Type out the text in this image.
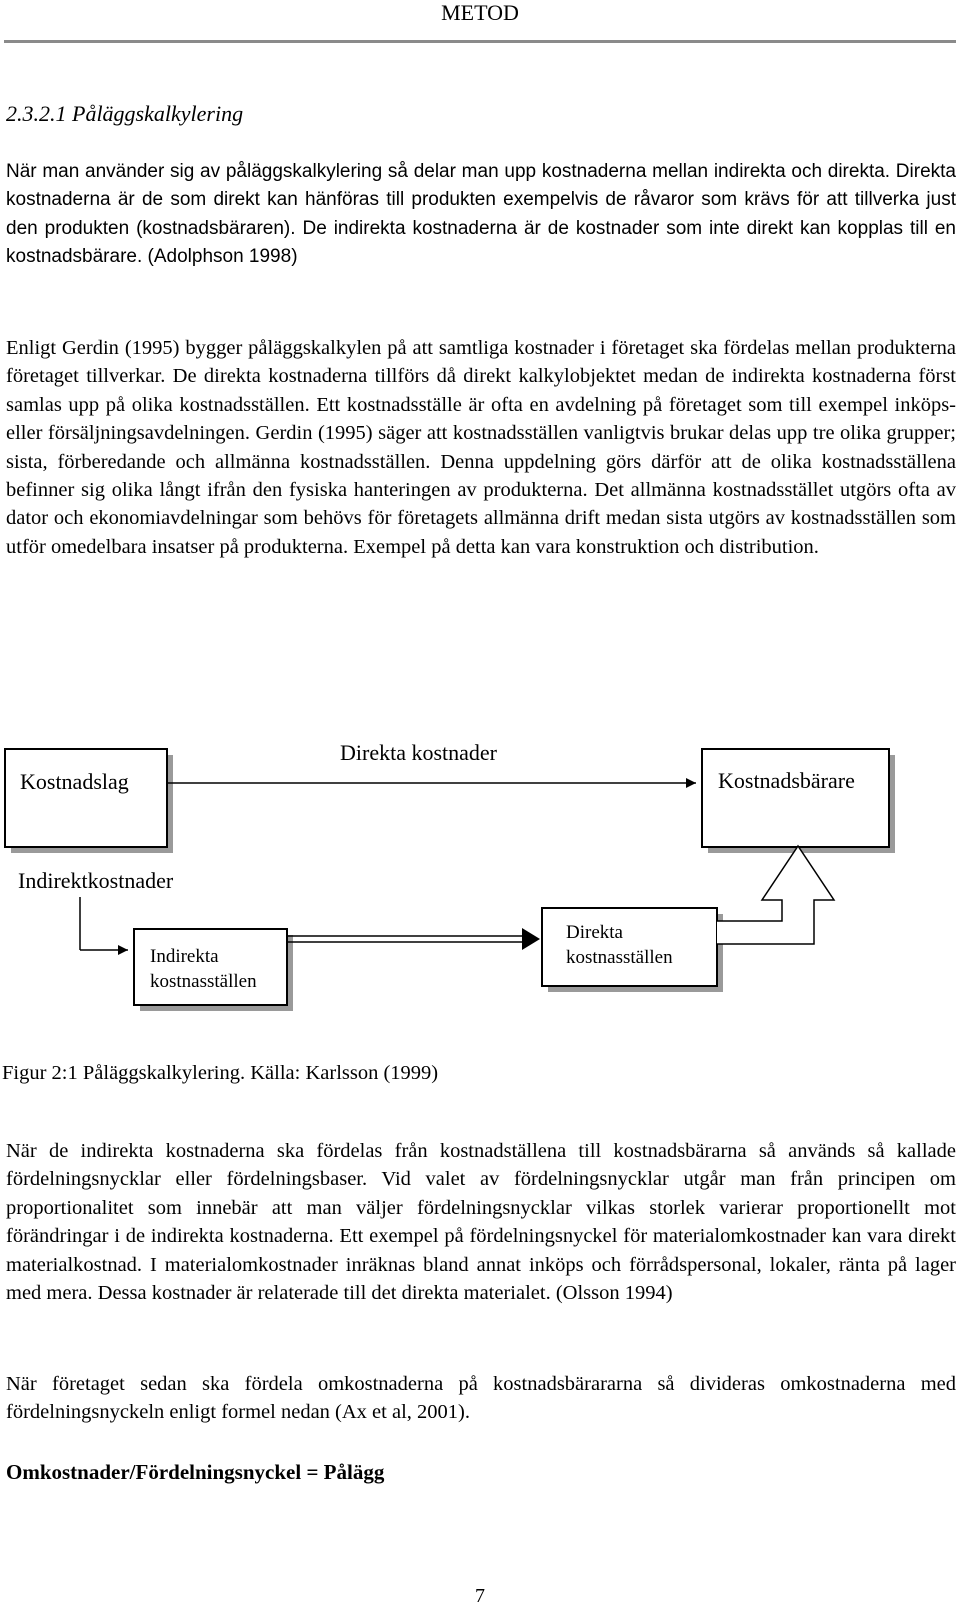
METOD
2.3.2.1 Påläggskalkylering
När man använder sig av påläggskalkylering så delar man upp kostnaderna mellan indirekta och direkta. Direkta kostnaderna är de som direkt kan hänföras till produkten exempelvis de råvaror som krävs för att tillverka just den produkten (kostnadsbäraren). De indirekta kostnaderna är de kostnader som inte direkt kan kopplas till en kostnadsbärare. (Adolphson 1998)
Enligt Gerdin (1995) bygger påläggskalkylen på att samtliga kostnader i företaget ska fördelas mellan produkterna företaget tillverkar. De direkta kostnaderna tillförs då direkt kalkylobjektet medan de indirekta kostnaderna först samlas upp på olika kostnadsställen. Ett kostnadsställe är ofta en avdelning på företaget som till exempel inköps- eller försäljningsavdelningen. Gerdin (1995) säger att kostnadsställen vanligtvis brukar delas upp tre olika grupper; sista, förberedande och allmänna kostnadsställen. Denna uppdelning görs därför att de olika kostnadsställena befinner sig olika långt ifrån den fysiska hanteringen av produkterna. Det allmänna kostnadsstället utgörs ofta av dator och ekonomiavdelningar som behövs för företagets allmänna drift medan sista utgörs av kostnadsställen som utför omedelbara insatser på produkterna. Exempel på detta kan vara konstruktion och distribution.
Kostnadslag
Direkta kostnader
Kostnadsbärare
Indirektkostnader
Indirekta
kostnasställen
Direkta
kostnasställen
Figur 2:1 Påläggskalkylering. Källa: Karlsson (1999)
När de indirekta kostnaderna ska fördelas från kostnadställena till kostnadsbärarna så används så kallade fördelningsnycklar eller fördelningsbaser. Vid valet av fördelningsnycklar utgår man från principen om proportionalitet som innebär att man väljer fördelningsnycklar vilkas storlek varierar proportionellt mot förändringar i de indirekta kostnaderna. Ett exempel på fördelningsnyckel för materialomkostnader kan vara direkt materialkostnad. I materialomkostnader inräknas bland annat inköps och förrådspersonal, lokaler, ränta på lager med mera. Dessa kostnader är relaterade till det direkta materialet. (Olsson 1994)
När företaget sedan ska fördela omkostnaderna på kostnadsbärararna så divideras omkostnaderna med fördelningsnyckeln enligt formel nedan (Ax et al, 2001).
Omkostnader/Fördelningsnyckel = Pålägg
7
